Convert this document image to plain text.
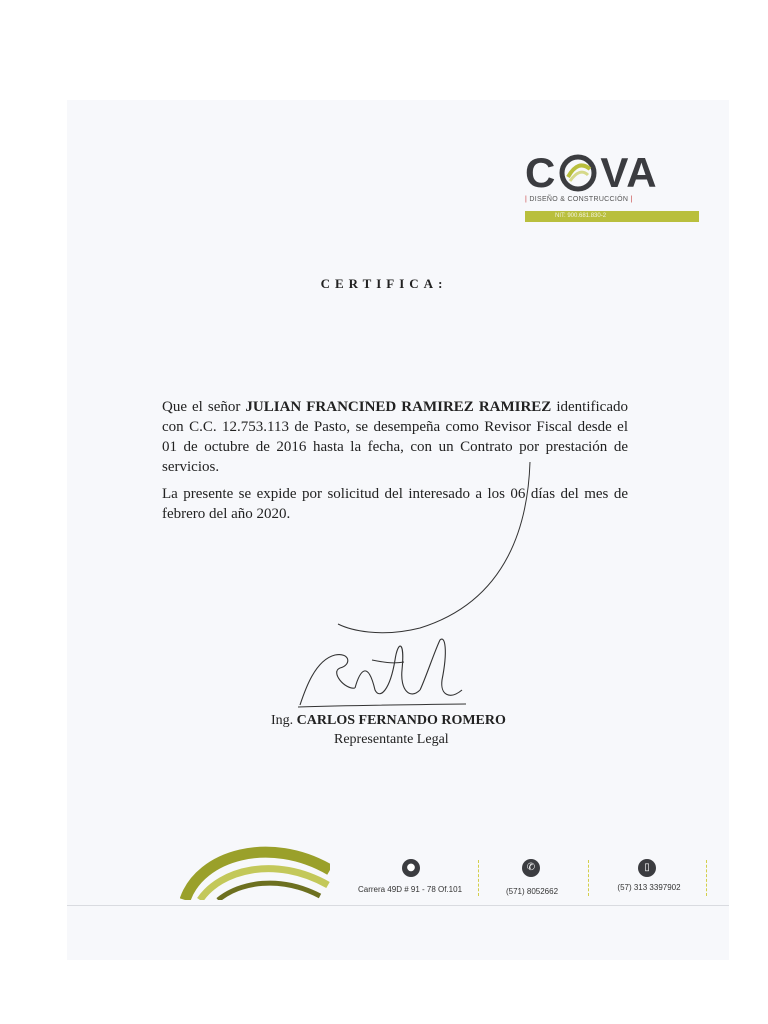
C VA
| DISEÑO & CONSTRUCCIÓN |
NIT: 900.681.830-2
CERTIFICA:
Que el señor JULIAN FRANCINED RAMIREZ RAMIREZ identificado con C.C. 12.753.113 de Pasto, se desempeña como Revisor Fiscal desde el 01 de octubre de 2016 hasta la fecha, con un Contrato por prestación de servicios.
La presente se expide por solicitud del interesado a los 06 días del mes de febrero del año 2020.
Ing. CARLOS FERNANDO ROMERO
Representante Legal
●
Carrera 49D # 91 - 78 Of.101
✆
(571) 8052662
▯
(57) 313 3397902
